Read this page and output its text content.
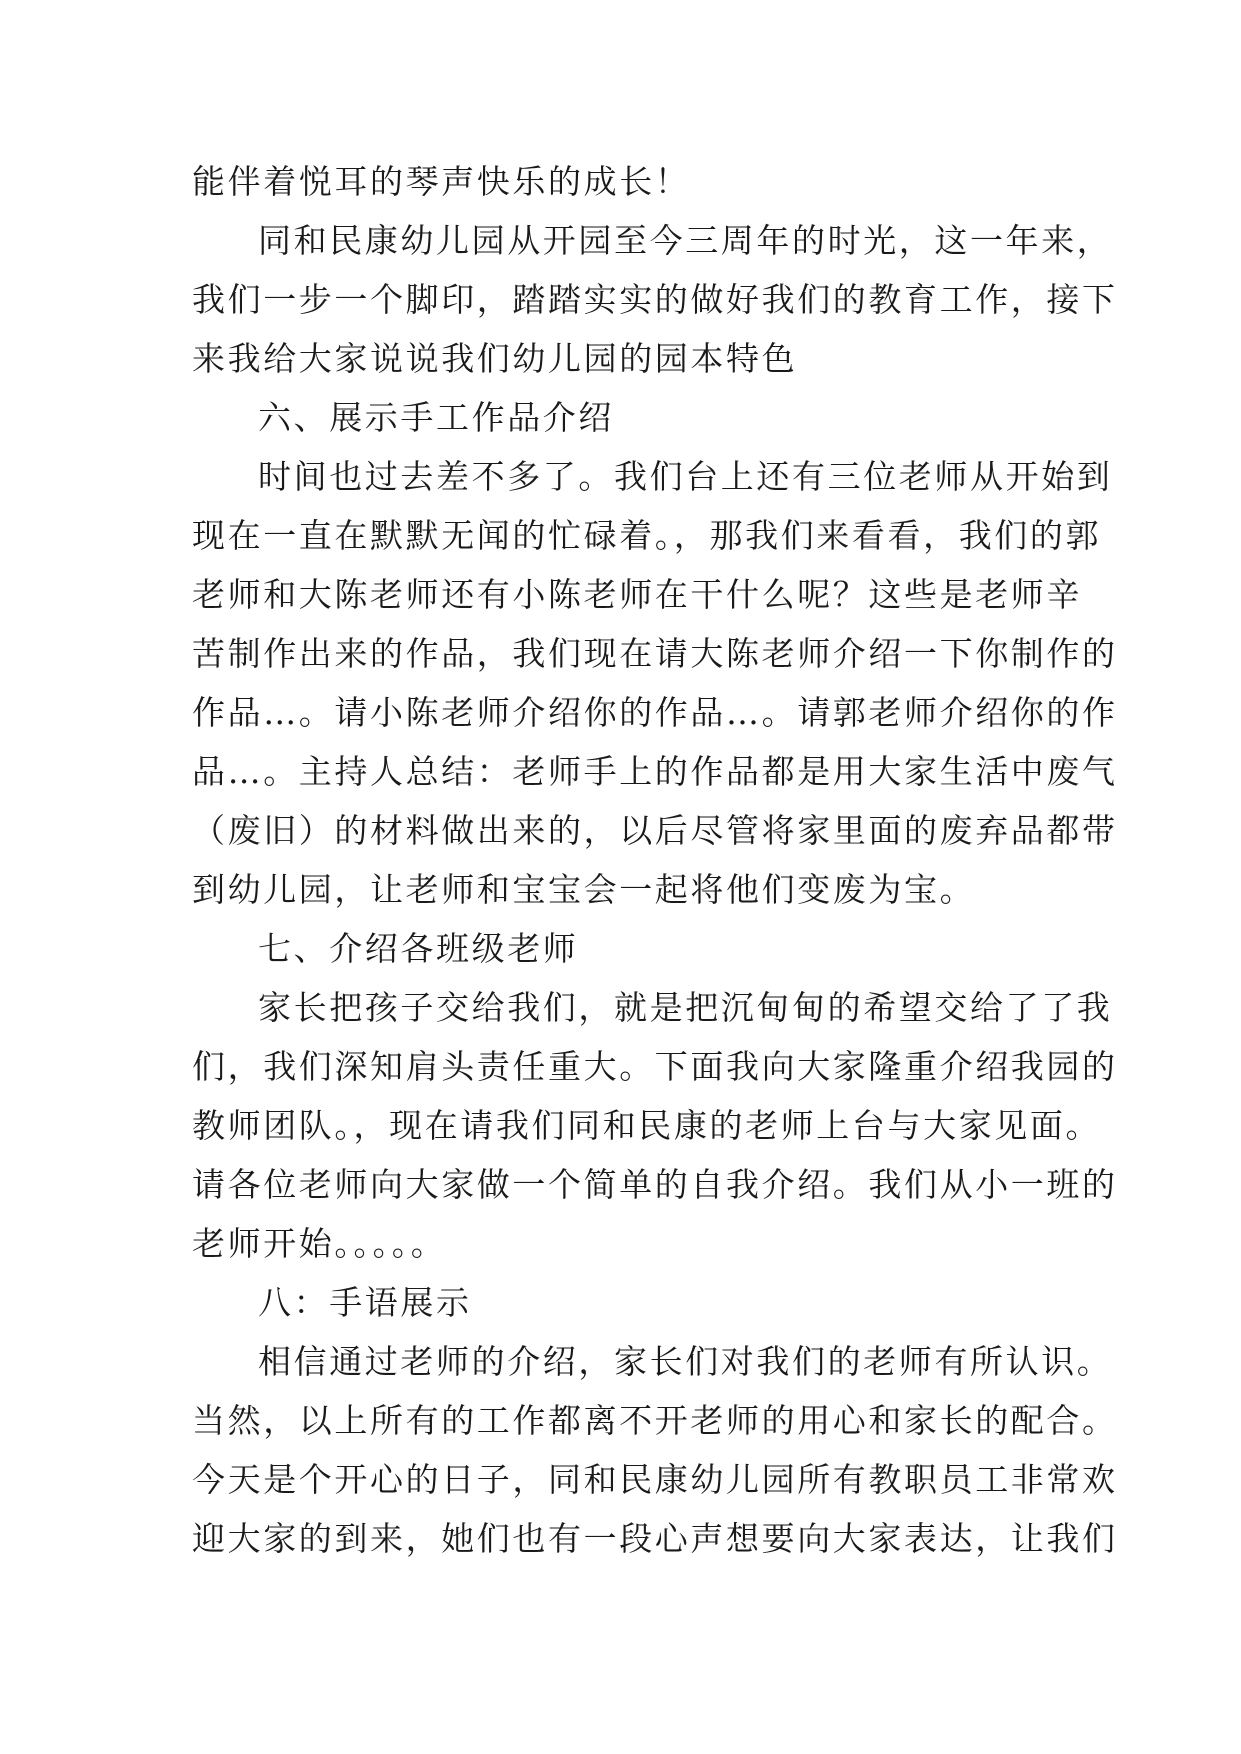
能伴着悦耳的琴声快乐的成长！
同和民康幼儿园从开园至今三周年的时光，这一年来，
我们一步一个脚印，踏踏实实的做好我们的教育工作，接下
来我给大家说说我们幼儿园的园本特色
六、展示手工作品介绍
时间也过去差不多了。我们台上还有三位老师从开始到
现在一直在默默无闻的忙碌着。，那我们来看看，我们的郭
老师和大陈老师还有小陈老师在干什么呢？这些是老师辛
苦制作出来的作品，我们现在请大陈老师介绍一下你制作的
作品…。请小陈老师介绍你的作品…。请郭老师介绍你的作
品…。主持人总结：老师手上的作品都是用大家生活中废气
（废旧）的材料做出来的，以后尽管将家里面的废弃品都带
到幼儿园，让老师和宝宝会一起将他们变废为宝。
七、介绍各班级老师
家长把孩子交给我们，就是把沉甸甸的希望交给了了我
们，我们深知肩头责任重大。下面我向大家隆重介绍我园的
教师团队。，现在请我们同和民康的老师上台与大家见面。
请各位老师向大家做一个简单的自我介绍。我们从小一班的
老师开始。。。。。
八：手语展示
相信通过老师的介绍，家长们对我们的老师有所认识。
当然，以上所有的工作都离不开老师的用心和家长的配合。
今天是个开心的日子，同和民康幼儿园所有教职员工非常欢
迎大家的到来，她们也有一段心声想要向大家表达，让我们
